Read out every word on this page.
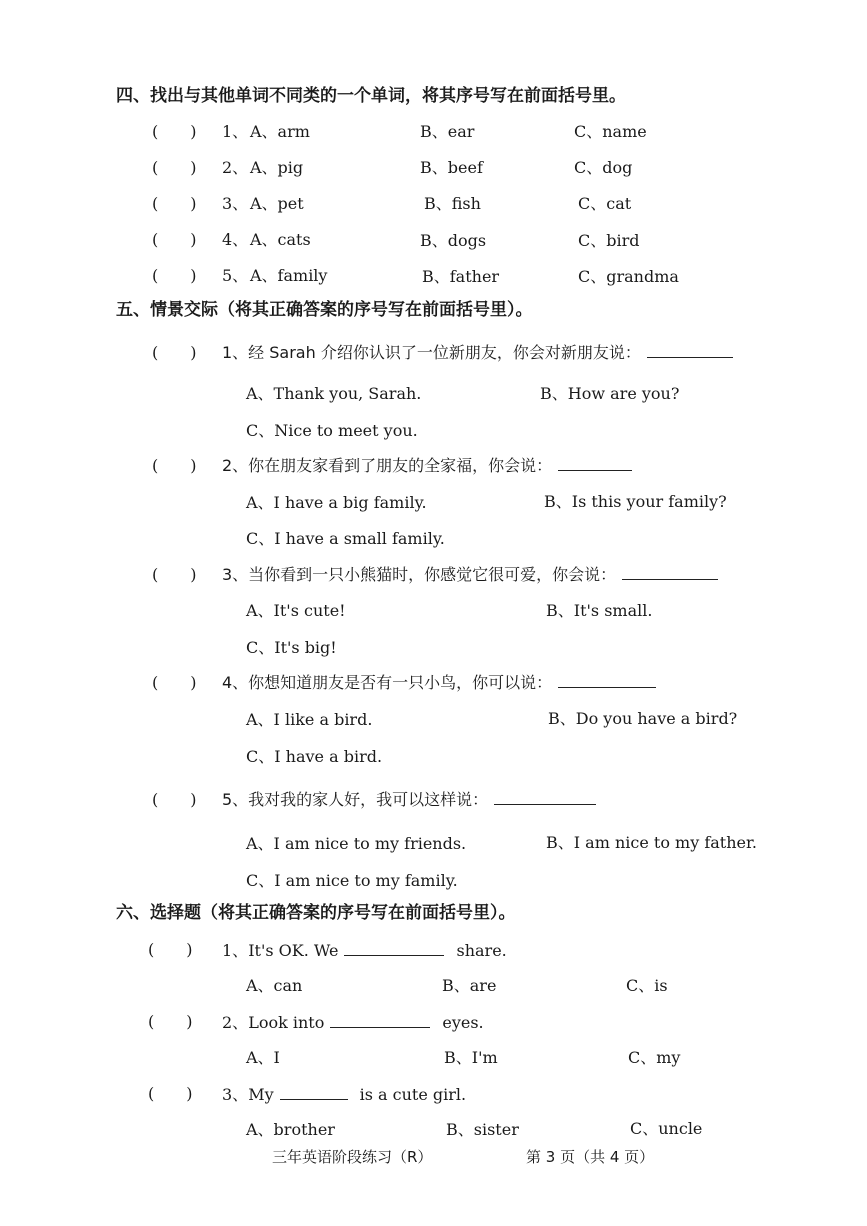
四、找出与其他单词不同类的一个单词，将其序号写在前面括号里。
(　　) 1、 A、arm	B、ear	C、name
(　　) 2、 A、pig	B、beef	C、dog
(　　) 3、 A、pet	B、fish	C、cat
(　　) 4、 A、cats	B、dogs	C、bird
(　　) 5、 A、family	B、father	C、grandma
五、情景交际（将其正确答案的序号写在前面括号里）。
(　　) 1、经 Sarah 介绍你认识了一位新朋友，你会对新朋友说：
A、Thank you, Sarah.	B、How are you?
C、Nice to meet you.
(　　) 2、你在朋友家看到了朋友的全家福，你会说：
A、I have a big family.	B、Is this your family?
C、I have a small family.
(　　) 3、当你看到一只小熊猫时，你感觉它很可爱，你会说：
A、It's cute!	B、It's small.
C、It's big!
(　　) 4、你想知道朋友是否有一只小鸟，你可以说：
A、I like a bird.	B、Do you have a bird?
C、I have a bird.
(　　) 5、我对我的家人好，我可以这样说：
A、I am nice to my friends.	B、I am nice to my father.
C、I am nice to my family.
六、选择题（将其正确答案的序号写在前面括号里）。
(　　) 1、It's OK. We	share.
A、can	B、are	C、is
(　　) 2、Look into	eyes.
A、I	B、I'm	C、my
(　　) 3、My	is a cute girl.
A、brother	B、sister	C、uncle
三年英语阶段练习（R）	第 3 页（共 4 页）
